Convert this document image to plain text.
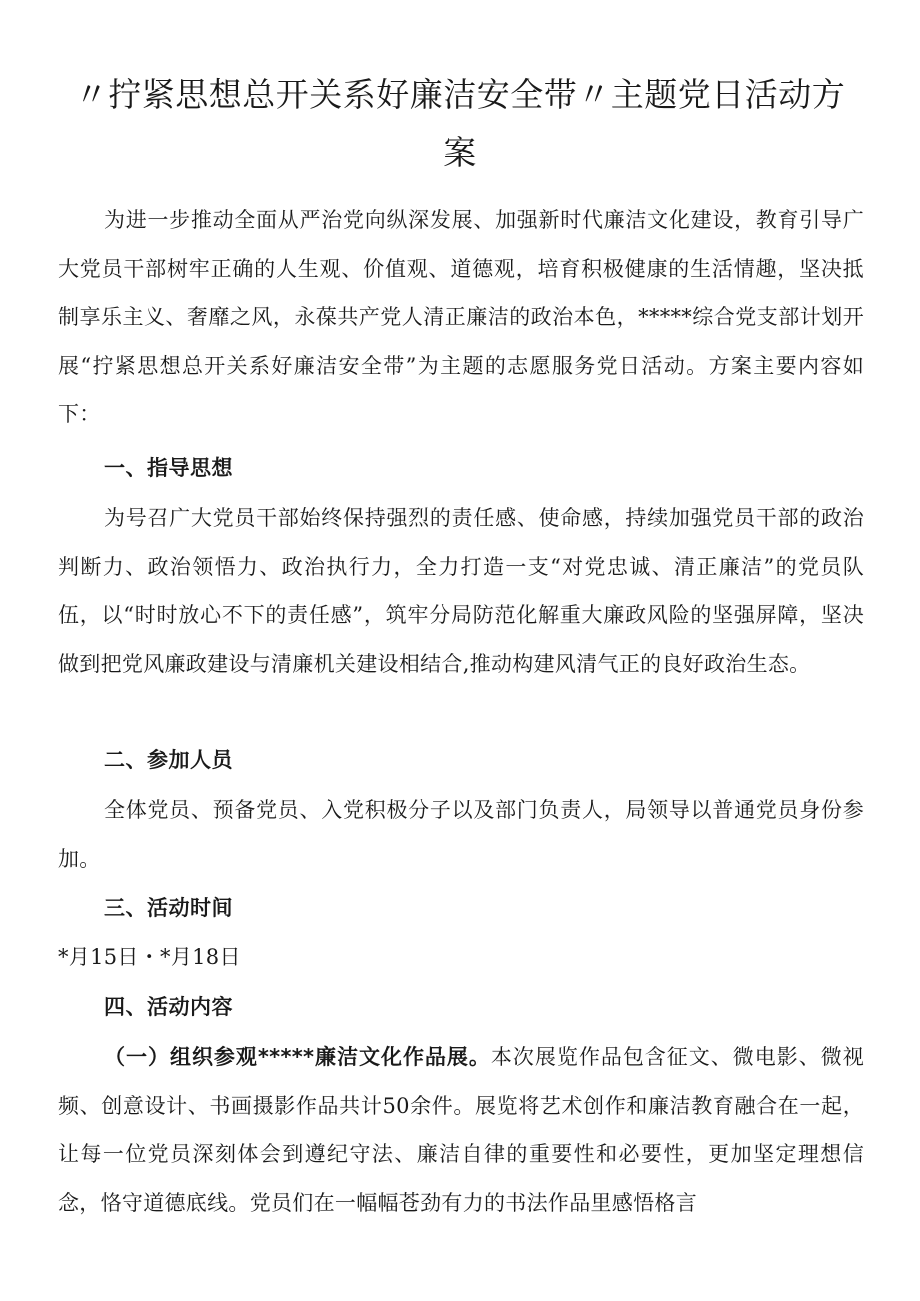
〃拧紧思想总开关系好廉洁安全带〃主题党日活动方案

为进一步推动全面从严治党向纵深发展、加强新时代廉洁文化建设，教育引导广大党员干部树牢正确的人生观、价值观、道德观，培育积极健康的生活情趣，坚决抵制享乐主义、奢靡之风，永葆共产党人清正廉洁的政治本色，*****综合党支部计划开展“拧紧思想总开关系好廉洁安全带”为主题的志愿服务党日活动。方案主要内容如下：

一、指导思想

为号召广大党员干部始终保持强烈的责任感、使命感，持续加强党员干部的政治判断力、政治领悟力、政治执行力，全力打造一支“对党忠诚、清正廉洁”的党员队伍，以“时时放心不下的责任感”，筑牢分局防范化解重大廉政风险的坚强屏障，坚决做到把党风廉政建设与清廉机关建设相结合,推动构建风清气正的良好政治生态。

二、参加人员

全体党员、预备党员、入党积极分子以及部门负责人，局领导以普通党员身份参加。

三、活动时间

*月15日・*月18日

四、活动内容

（一）组织参观*****廉洁文化作品展。本次展览作品包含征文、微电影、微视频、创意设计、书画摄影作品共计50余件。展览将艺术创作和廉洁教育融合在一起，让每一位党员深刻体会到遵纪守法、廉洁自律的重要性和必要性，更加坚定理想信念，恪守道德底线。党员们在一幅幅苍劲有力的书法作品里感悟格言
